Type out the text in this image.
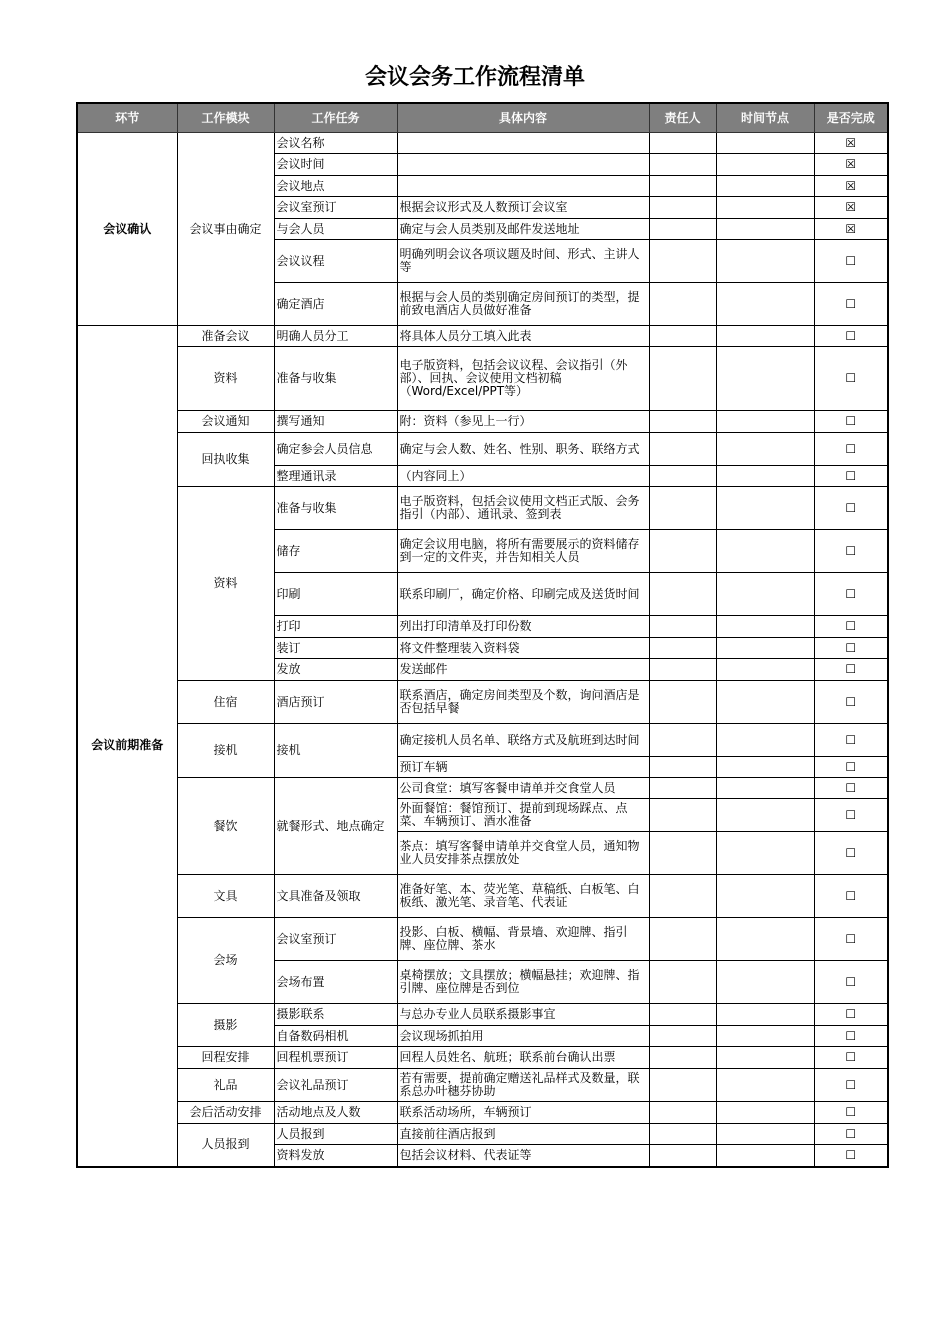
会议会务工作流程清单
环节	工作模块	工作任务	具体内容	责任人	时间节点	是否完成
会议确认	会议事由确定	会议名称				☒
		会议时间				☒
		会议地点				☒
		会议室预订	根据会议形式及人数预订会议室			☒
		与会人员	确定与会人员类别及邮件发送地址			☒
		会议议程	明确列明会议各项议题及时间、形式、主讲人等			☐
		确定酒店	根据与会人员的类别确定房间预订的类型，提前致电酒店人员做好准备			☐
会议前期准备	准备会议	明确人员分工	将具体人员分工填入此表			☐
	资料	准备与收集	电子版资料，包括会议议程、会议指引（外部）、回执、会议使用文档初稿（Word/Excel/PPT等）			☐
	会议通知	撰写通知	附：资料（参见上一行）			☐
	回执收集	确定参会人员信息	确定与会人数、姓名、性别、职务、联络方式			☐
		整理通讯录	（内容同上）			☐
	资料	准备与收集	电子版资料，包括会议使用文档正式版、会务指引（内部）、通讯录、签到表			☐
		储存	确定会议用电脑，将所有需要展示的资料储存到一定的文件夹，并告知相关人员			☐
		印刷	联系印刷厂，确定价格、印刷完成及送货时间			☐
		打印	列出打印清单及打印份数			☐
		装订	将文件整理装入资料袋			☐
		发放	发送邮件			☐
	住宿	酒店预订	联系酒店，确定房间类型及个数，询问酒店是否包括早餐			☐
	接机	接机	确定接机人员名单、联络方式及航班到达时间			☐
			预订车辆			☐
	餐饮	就餐形式、地点确定	公司食堂：填写客餐申请单并交食堂人员			☐
			外面餐馆：餐馆预订、提前到现场踩点、点菜、车辆预订、酒水准备			☐
			茶点：填写客餐申请单并交食堂人员，通知物业人员安排茶点摆放处			☐
	文具	文具准备及领取	准备好笔、本、荧光笔、草稿纸、白板笔、白板纸、激光笔、录音笔、代表证			☐
	会场	会议室预订	投影、白板、横幅、背景墙、欢迎牌、指引牌、座位牌、茶水			☐
		会场布置	桌椅摆放；文具摆放；横幅悬挂；欢迎牌、指引牌、座位牌是否到位			☐
	摄影	摄影联系	与总办专业人员联系摄影事宜			☐
		自备数码相机	会议现场抓拍用			☐
	回程安排	回程机票预订	回程人员姓名、航班；联系前台确认出票			☐
	礼品	会议礼品预订	若有需要，提前确定赠送礼品样式及数量，联系总办叶穗芬协助			☐
	会后活动安排	活动地点及人数	联系活动场所，车辆预订			☐
	人员报到	人员报到	直接前往酒店报到			☐
		资料发放	包括会议材料、代表证等			☐
